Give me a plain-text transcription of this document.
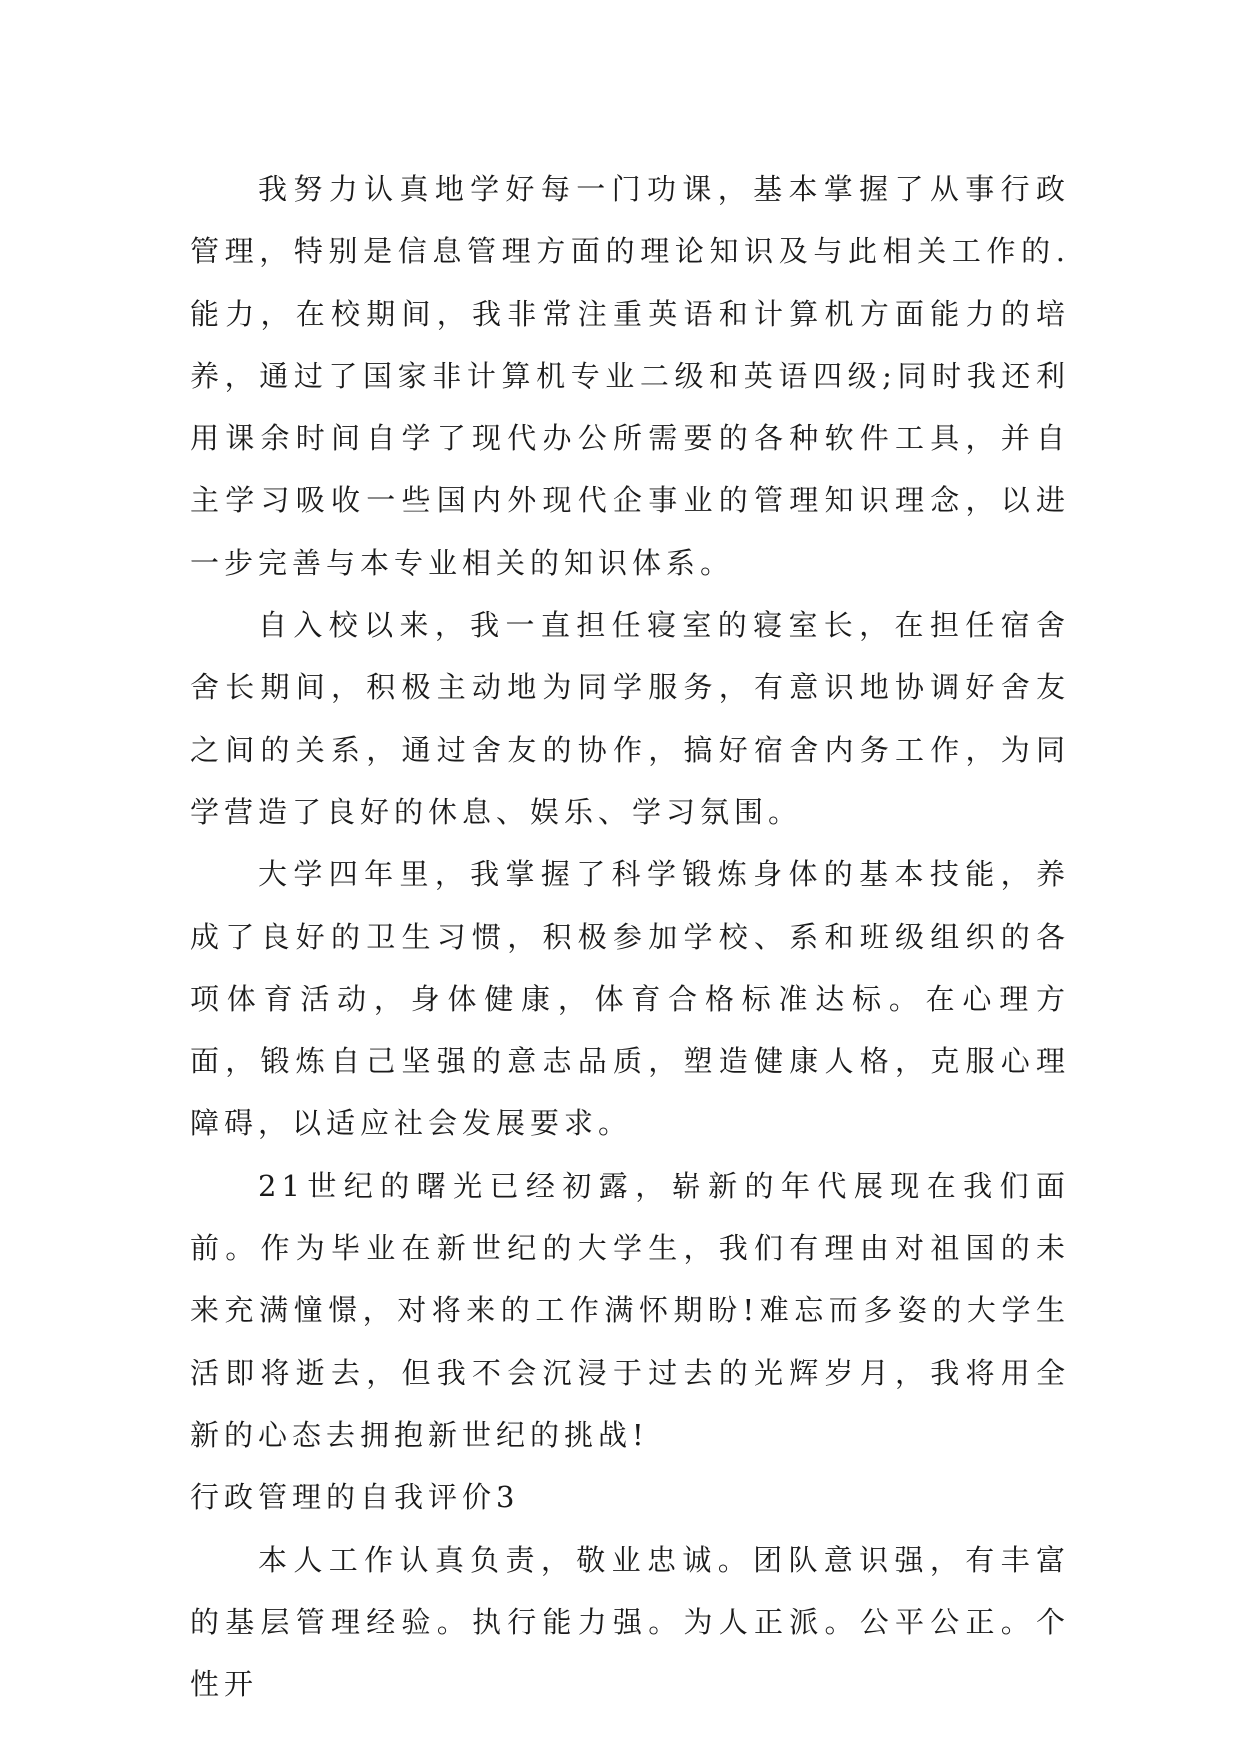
我努力认真地学好每一门功课，基本掌握了从事行政管理，特别是信息管理方面的理论知识及与此相关工作的.能力，在校期间，我非常注重英语和计算机方面能力的培养，通过了国家非计算机专业二级和英语四级;同时我还利用课余时间自学了现代办公所需要的各种软件工具，并自主学习吸收一些国内外现代企事业的管理知识理念，以进一步完善与本专业相关的知识体系。

自入校以来，我一直担任寝室的寝室长，在担任宿舍舍长期间，积极主动地为同学服务，有意识地协调好舍友之间的关系，通过舍友的协作，搞好宿舍内务工作，为同学营造了良好的休息、娱乐、学习氛围。

大学四年里，我掌握了科学锻炼身体的基本技能，养成了良好的卫生习惯，积极参加学校、系和班级组织的各项体育活动，身体健康，体育合格标准达标。在心理方面，锻炼自己坚强的意志品质，塑造健康人格，克服心理障碍，以适应社会发展要求。

21世纪的曙光已经初露，崭新的年代展现在我们面前。作为毕业在新世纪的大学生，我们有理由对祖国的未来充满憧憬，对将来的工作满怀期盼!难忘而多姿的大学生活即将逝去，但我不会沉浸于过去的光辉岁月，我将用全新的心态去拥抱新世纪的挑战!

行政管理的自我评价3

本人工作认真负责，敬业忠诚。团队意识强，有丰富的基层管理经验。执行能力强。为人正派。公平公正。个性开
